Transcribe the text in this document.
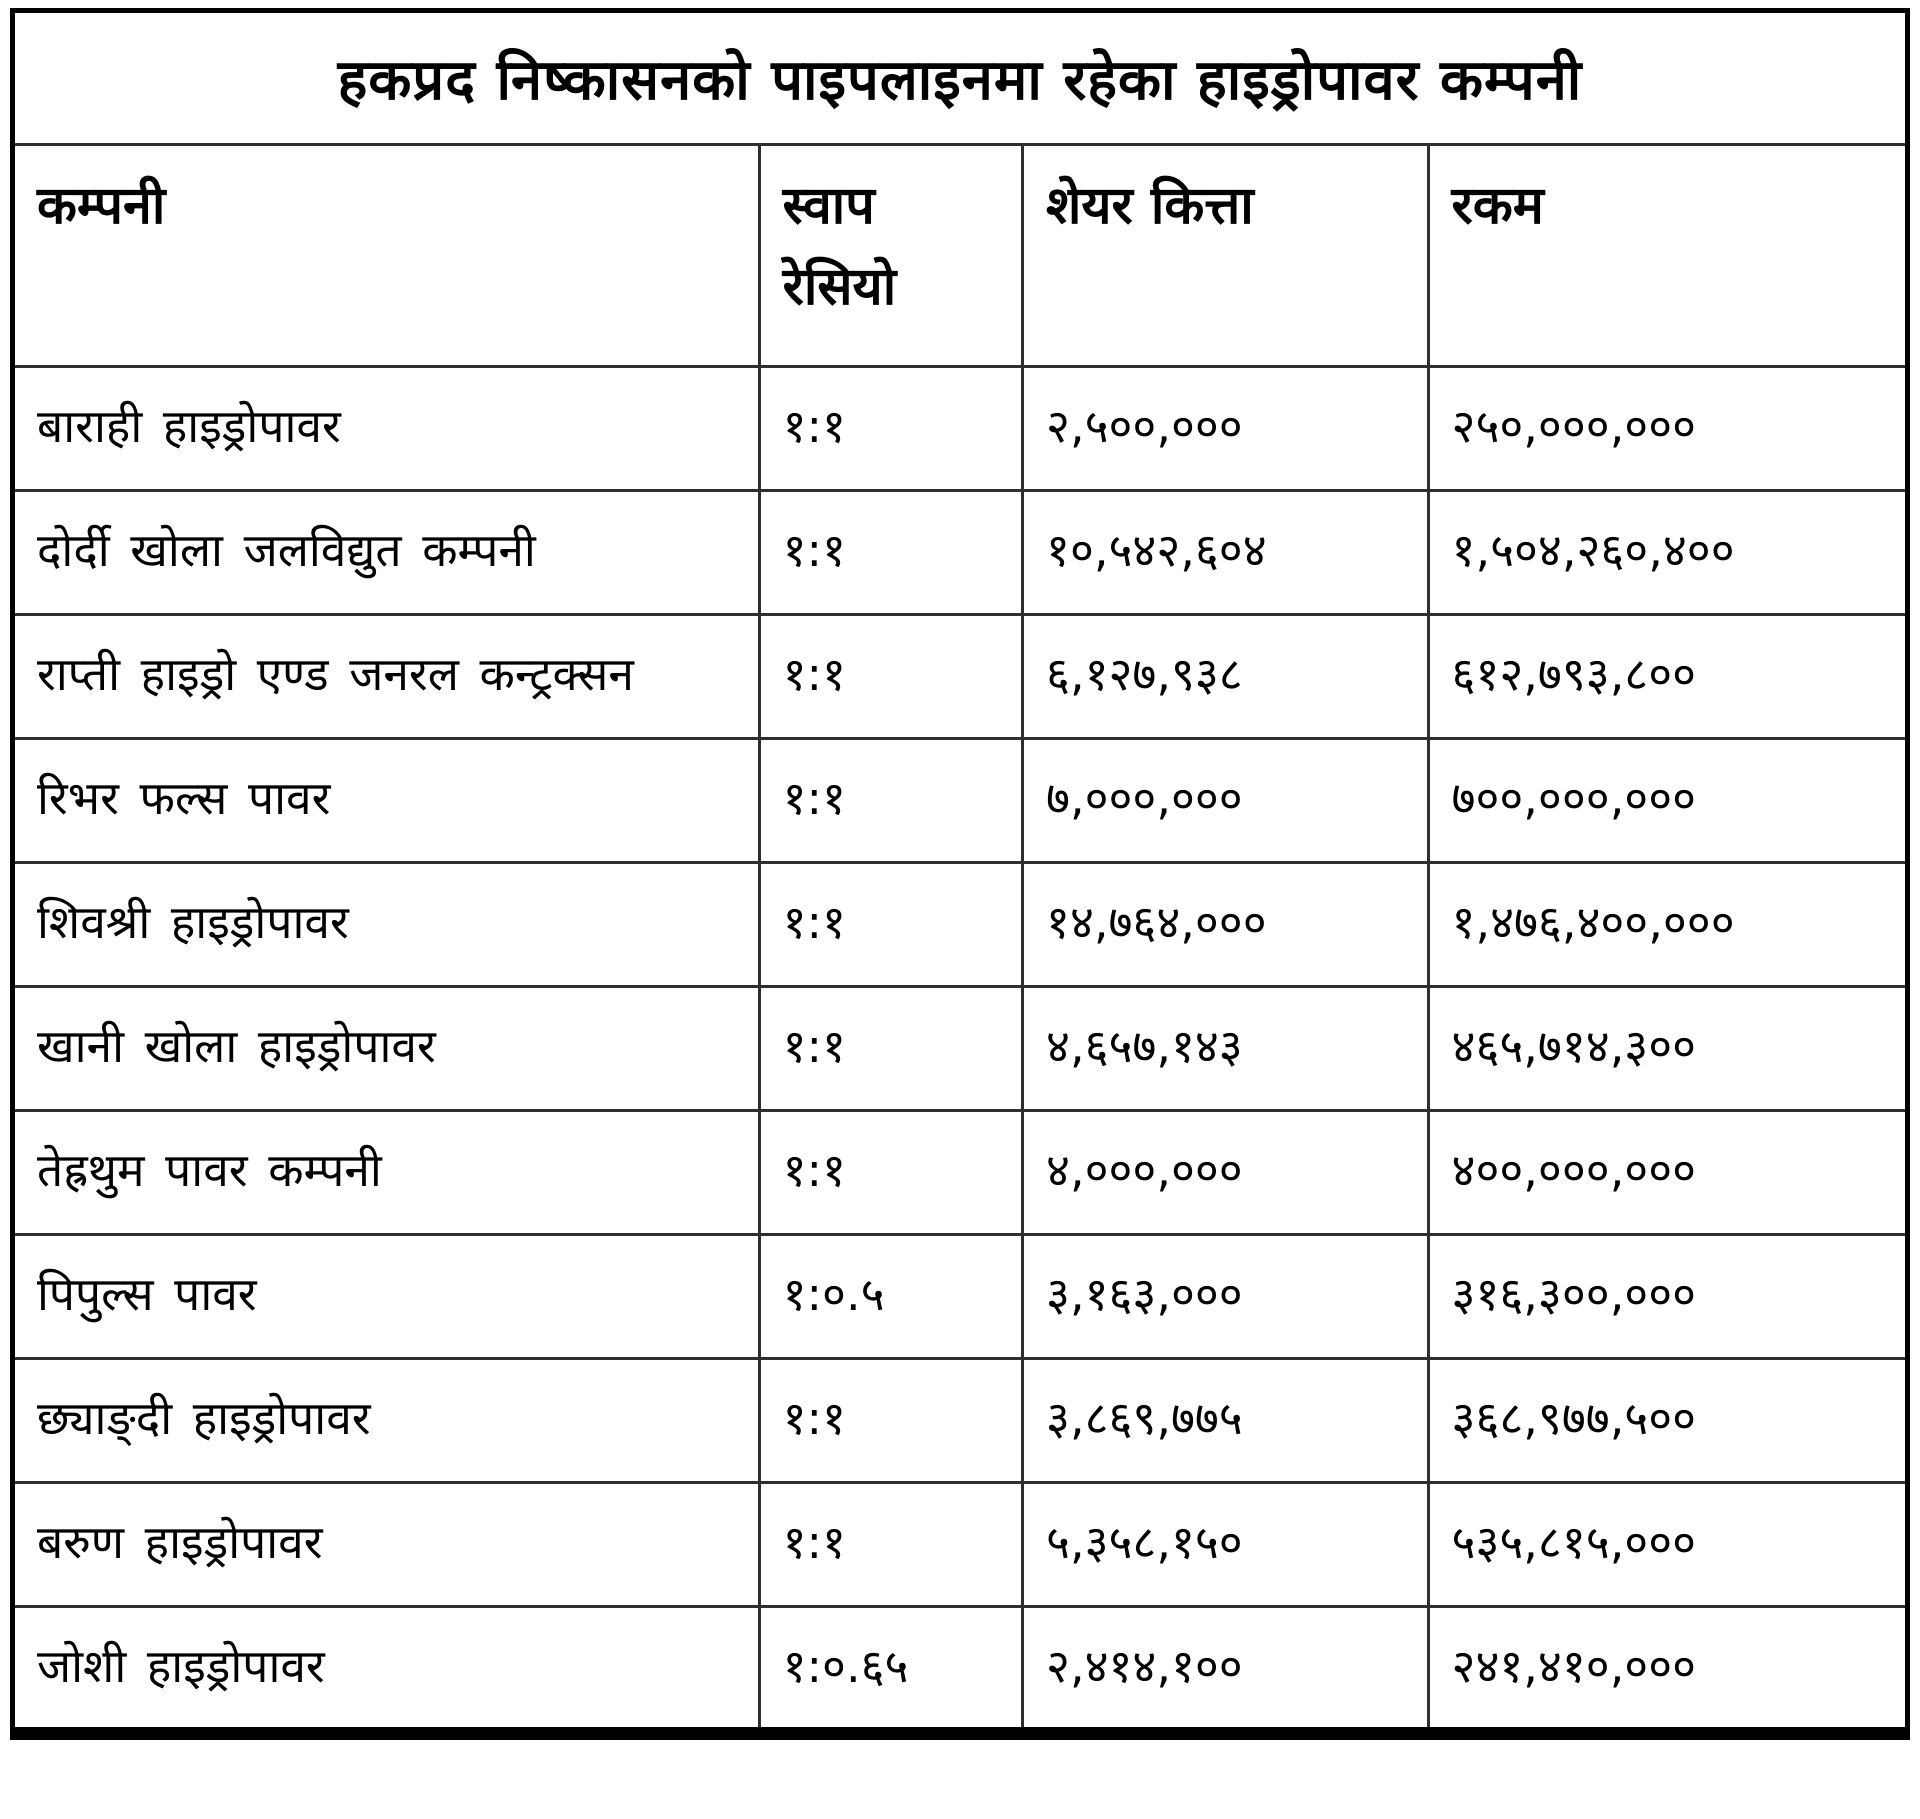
हकप्रद निष्कासनको पाइपलाइनमा रहेका हाइड्रोपावर कम्पनी			
कम्पनी	स्वाप रेसियो	शेयर कित्ता	रकम
बाराही हाइड्रोपावर	१:१	२,५००,०००	२५०,०००,०००
दोर्दी खोला जलविद्युत कम्पनी	१:१	१०,५४२,६०४	१,५०४,२६०,४००
राप्ती हाइड्रो एण्ड जनरल कन्ट्रक्सन	१:१	६,१२७,९३८	६१२,७९३,८००
रिभर फल्स पावर	१:१	७,०००,०००	७००,०००,०००
शिवश्री हाइड्रोपावर	१:१	१४,७६४,०००	१,४७६,४००,०००
खानी खोला हाइड्रोपावर	१:१	४,६५७,१४३	४६५,७१४,३००
तेह्रथुम पावर कम्पनी	१:१	४,०००,०००	४००,०००,०००
पिपुल्स पावर	१:०.५	३,१६३,०००	३१६,३००,०००
छ्याङ्दी हाइड्रोपावर	१:१	३,८६९,७७५	३६८,९७७,५००
बरुण हाइड्रोपावर	१:१	५,३५८,१५०	५३५,८१५,०००
जोशी हाइड्रोपावर	१:०.६५	२,४१४,१००	२४१,४१०,०००
